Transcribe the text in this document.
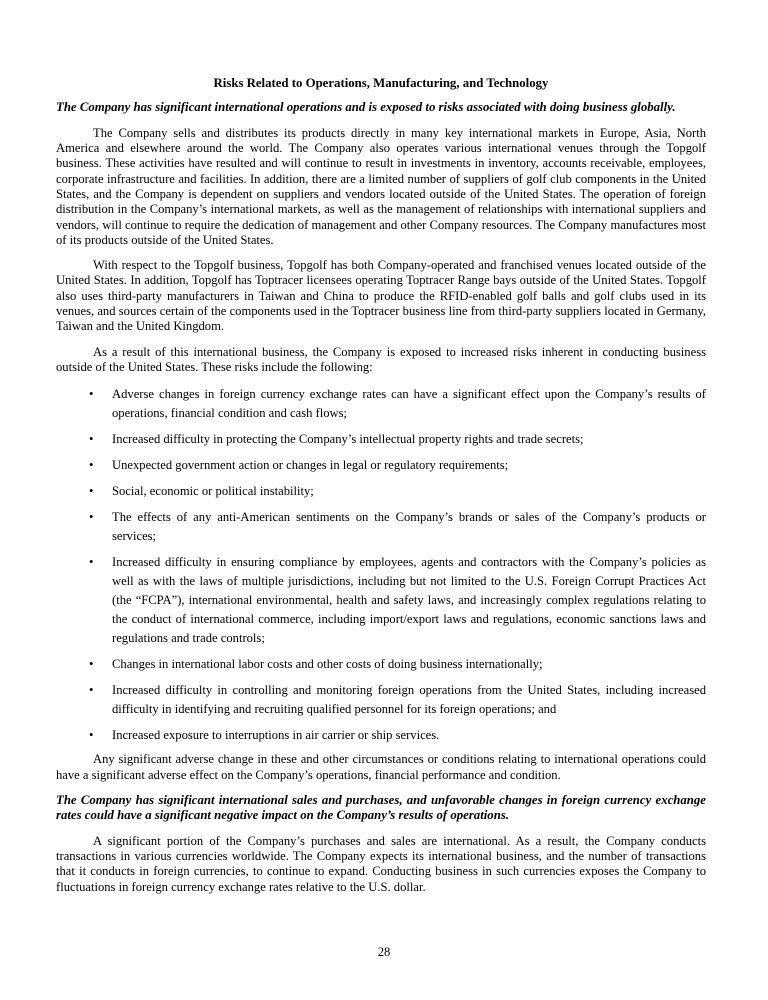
Risks Related to Operations, Manufacturing, and Technology
The Company has significant international operations and is exposed to risks associated with doing business globally.

The Company sells and distributes its products directly in many key international markets in Europe, Asia, North America and elsewhere around the world. The Company also operates various international venues through the Topgolf business. These activities have resulted and will continue to result in investments in inventory, accounts receivable, employees, corporate infrastructure and facilities. In addition, there are a limited number of suppliers of golf club components in the United States, and the Company is dependent on suppliers and vendors located outside of the United States. The operation of foreign distribution in the Company’s international markets, as well as the management of relationships with international suppliers and vendors, will continue to require the dedication of management and other Company resources. The Company manufactures most of its products outside of the United States.

With respect to the Topgolf business, Topgolf has both Company-operated and franchised venues located outside of the United States. In addition, Topgolf has Toptracer licensees operating Toptracer Range bays outside of the United States. Topgolf also uses third-party manufacturers in Taiwan and China to produce the RFID-enabled golf balls and golf clubs used in its venues, and sources certain of the components used in the Toptracer business line from third-party suppliers located in Germany, Taiwan and the United Kingdom.

As a result of this international business, the Company is exposed to increased risks inherent in conducting business outside of the United States. These risks include the following:

• Adverse changes in foreign currency exchange rates can have a significant effect upon the Company’s results of operations, financial condition and cash flows;
• Increased difficulty in protecting the Company’s intellectual property rights and trade secrets;
• Unexpected government action or changes in legal or regulatory requirements;
• Social, economic or political instability;
• The effects of any anti-American sentiments on the Company’s brands or sales of the Company’s products or services;
• Increased difficulty in ensuring compliance by employees, agents and contractors with the Company’s policies as well as with the laws of multiple jurisdictions, including but not limited to the U.S. Foreign Corrupt Practices Act (the “FCPA”), international environmental, health and safety laws, and increasingly complex regulations relating to the conduct of international commerce, including import/export laws and regulations, economic sanctions laws and regulations and trade controls;
• Changes in international labor costs and other costs of doing business internationally;
• Increased difficulty in controlling and monitoring foreign operations from the United States, including increased difficulty in identifying and recruiting qualified personnel for its foreign operations; and
• Increased exposure to interruptions in air carrier or ship services.

Any significant adverse change in these and other circumstances or conditions relating to international operations could have a significant adverse effect on the Company’s operations, financial performance and condition.

The Company has significant international sales and purchases, and unfavorable changes in foreign currency exchange rates could have a significant negative impact on the Company’s results of operations.

A significant portion of the Company’s purchases and sales are international. As a result, the Company conducts transactions in various currencies worldwide. The Company expects its international business, and the number of transactions that it conducts in foreign currencies, to continue to expand. Conducting business in such currencies exposes the Company to fluctuations in foreign currency exchange rates relative to the U.S. dollar.

28
